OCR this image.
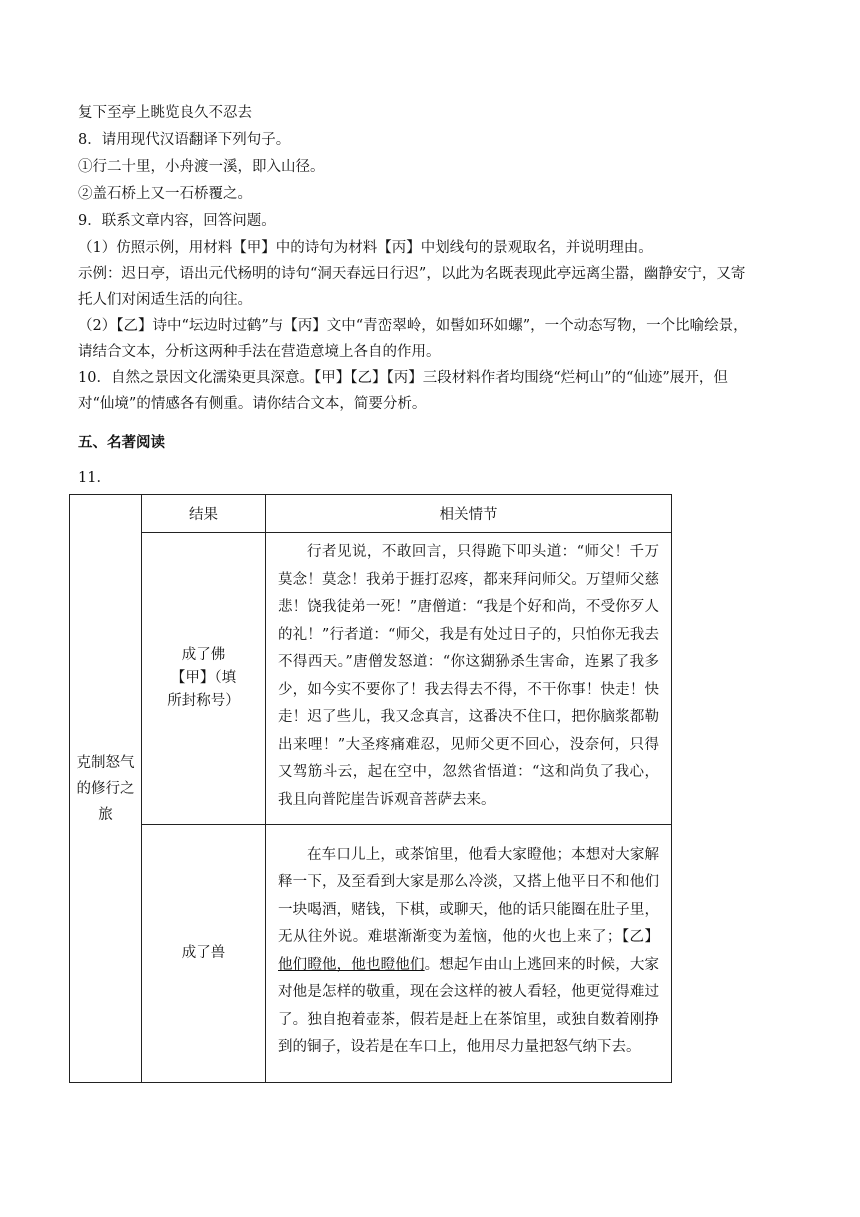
复下至亭上眺览良久不忍去
8．请用现代汉语翻译下列句子。
①行二十里，小舟渡一溪，即入山径。
②盖石桥上又一石桥覆之。
9．联系文章内容，回答问题。
（1）仿照示例，用材料【甲】中的诗句为材料【丙】中划线句的景观取名，并说明理由。
示例：迟日亭，语出元代杨明的诗句“洞天春远日行迟”，以此为名既表现此亭远离尘嚣，幽静安宁，又寄
托人们对闲适生活的向往。
（2）【乙】诗中“坛边时过鹤”与【丙】文中“青峦翠岭，如髻如环如螺”，一个动态写物，一个比喻绘景，
请结合文本，分析这两种手法在营造意境上各自的作用。
10．自然之景因文化濡染更具深意。【甲】【乙】【丙】三段材料作者均围绕“烂柯山”的“仙迹”展开，但
对“仙境”的情感各有侧重。请你结合文本，简要分析。
五、名著阅读
11．
克制怒气的修行之旅	结果	相关情节

	成了佛【甲】（填所封称号）	行者见说，不敢回言，只得跪下叩头道：“师父！千万莫念！莫念！我弟于捱打忍疼，都来拜问师父。万望师父慈悲！饶我徒弟一死！”唐僧道：“我是个好和尚，不受你歹人的礼！”行者道：“师父，我是有处过日子的，只怕你无我去不得西天。”唐僧发怒道：“你这猢狲杀生害命，连累了我多少，如今实不要你了！我去得去不得，不干你事！快走！快走！迟了些儿，我又念真言，这番决不住口，把你脑浆都勒出来哩！”大圣疼痛难忍，见师父更不回心，没奈何，只得又驾筋斗云，起在空中，忽然省悟道：“这和尚负了我心，我且向普陀崖告诉观音菩萨去来。
	成了兽	在车口儿上，或茶馆里，他看大家瞪他；本想对大家解释一下，及至看到大家是那么冷淡，又搭上他平日不和他们一块喝酒，赌钱，下棋，或聊天，他的话只能圈在肚子里，无从往外说。难堪渐渐变为羞恼，他的火也上来了；【乙】他们瞪他，他也瞪他们。想起乍由山上逃回来的时候，大家对他是怎样的敬重，现在会这样的被人看轻，他更觉得难过了。独自抱着壶茶，假若是赶上在茶馆里，或独自数着刚挣到的铜子，设若是在车口上，他用尽力量把怒气纳下去。
